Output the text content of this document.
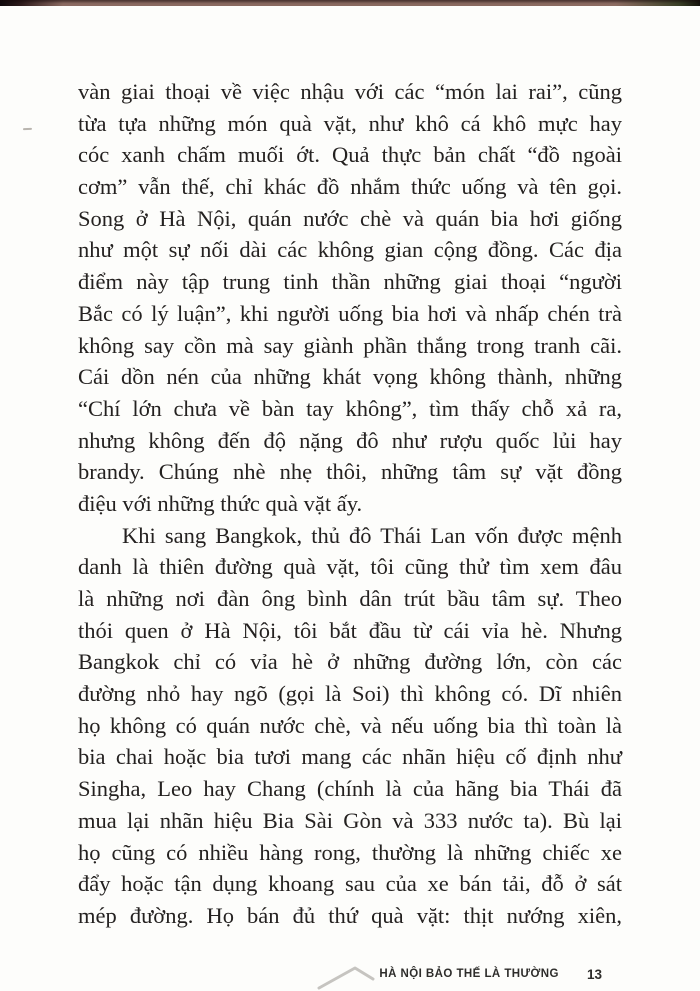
vàn giai thoại về việc nhậu với các “món lai rai”, cũng
từa tựa những món quà vặt, như khô cá khô mực hay
cóc xanh chấm muối ớt. Quả thực bản chất “đồ ngoài
cơm” vẫn thế, chỉ khác đồ nhắm thức uống và tên gọi.
Song ở Hà Nội, quán nước chè và quán bia hơi giống
như một sự nối dài các không gian cộng đồng. Các địa
điểm này tập trung tinh thần những giai thoại “người
Bắc có lý luận”, khi người uống bia hơi và nhấp chén trà
không say cồn mà say giành phần thắng trong tranh cãi.
Cái dồn nén của những khát vọng không thành, những
“Chí lớn chưa về bàn tay không”, tìm thấy chỗ xả ra,
nhưng không đến độ nặng đô như rượu quốc lủi hay
brandy. Chúng nhè nhẹ thôi, những tâm sự vặt đồng
điệu với những thức quà vặt ấy.
Khi sang Bangkok, thủ đô Thái Lan vốn được mệnh
danh là thiên đường quà vặt, tôi cũng thử tìm xem đâu
là những nơi đàn ông bình dân trút bầu tâm sự. Theo
thói quen ở Hà Nội, tôi bắt đầu từ cái vỉa hè. Nhưng
Bangkok chỉ có vỉa hè ở những đường lớn, còn các
đường nhỏ hay ngõ (gọi là Soi) thì không có. Dĩ nhiên
họ không có quán nước chè, và nếu uống bia thì toàn là
bia chai hoặc bia tươi mang các nhãn hiệu cố định như
Singha, Leo hay Chang (chính là của hãng bia Thái đã
mua lại nhãn hiệu Bia Sài Gòn và 333 nước ta). Bù lại
họ cũng có nhiều hàng rong, thường là những chiếc xe
đẩy hoặc tận dụng khoang sau của xe bán tải, đỗ ở sát
mép đường. Họ bán đủ thứ quà vặt: thịt nướng xiên,
HÀ NỘI BẢO THẾ LÀ THƯỜNG 13
